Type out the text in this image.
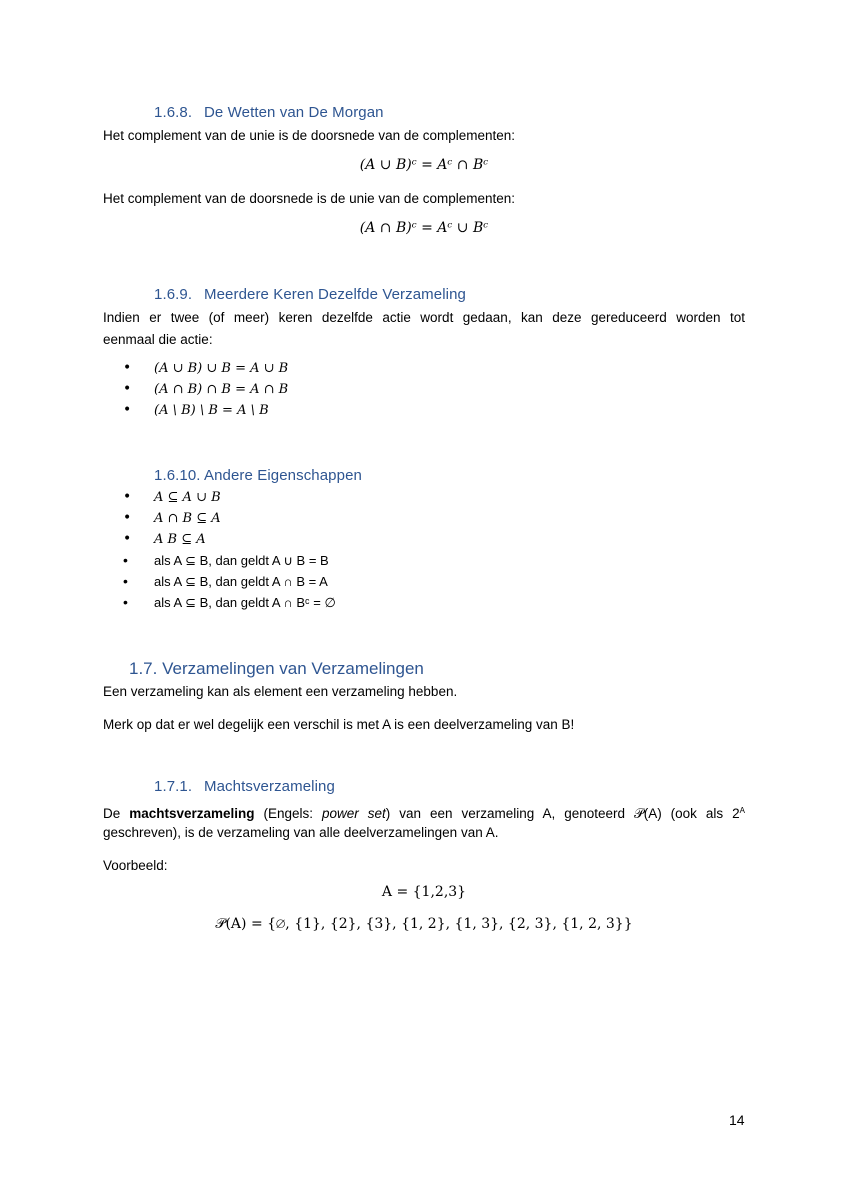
1.6.8. De Wetten van De Morgan
Het complement van de unie is de doorsnede van de complementen:
(A ∪ B)ᶜ = Aᶜ ∩ Bᶜ
Het complement van de doorsnede is de unie van de complementen:
(A ∩ B)ᶜ = Aᶜ ∪ Bᶜ
1.6.9. Meerdere Keren Dezelfde Verzameling
Indien er twee (of meer) keren dezelfde actie wordt gedaan, kan deze gereduceerd worden tot
eenmaal die actie:
• (A ∪ B) ∪ B = A ∪ B
• (A ∩ B) ∩ B = A ∩ B
• (A \ B) \ B = A \ B
1.6.10. Andere Eigenschappen
• A ⊆ A ∪ B
• A ∩ B ⊆ A
• A B ⊆ A
• als A ⊆ B, dan geldt A ∪ B = B
• als A ⊆ B, dan geldt A ∩ B = A
• als A ⊆ B, dan geldt A ∩ Bᶜ = ∅
1.7. Verzamelingen van Verzamelingen
Een verzameling kan als element een verzameling hebben.
Merk op dat er wel degelijk een verschil is met A is een deelverzameling van B!
1.7.1. Machtsverzameling
De machtsverzameling (Engels: power set) van een verzameling A, genoteerd 𝒫(A) (ook als $2^A$
geschreven), is de verzameling van alle deelverzamelingen van A.
Voorbeeld:
A = {1,2,3}
𝒫(A) = {∅, {1}, {2}, {3}, {1, 2}, {1, 3}, {2, 3}, {1, 2, 3}}
14
